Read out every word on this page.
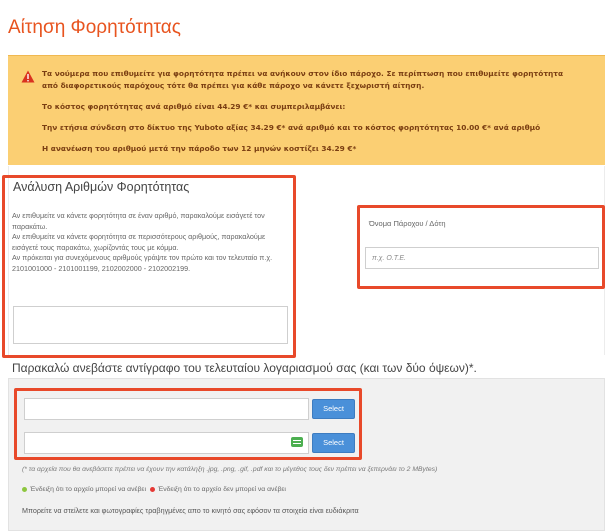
Αίτηση Φορητότητας
Τα νούμερα που επιθυμείτε για φορητότητα πρέπει να ανήκουν στον ίδιο πάροχο. Σε περίπτωση που επιθυμείτε φορητότητα
από διαφορετικούς παρόχους τότε θα πρέπει για κάθε πάροχο να κάνετε ξεχωριστή αίτηση.
Το κόστος φορητότητας ανά αριθμό είναι 44.29 €* και συμπεριλαμβάνει:
Την ετήσια σύνδεση στο δίκτυο της Yuboto αξίας 34.29 €* ανά αριθμό και το κόστος φορητότητας 10.00 €* ανά αριθμό
Η ανανέωση του αριθμού μετά την πάροδο των 12 μηνών κοστίζει 34.29 €*
Ανάλυση Αριθμών Φορητότητας
Αν επιθυμείτε να κάνετε φορητότητα σε έναν αριθμό, παρακαλούμε εισάγετέ τον παρακάτω.
Αν επιθυμείτε να κάνετε φορητότητα σε περισσότερους αριθμούς, παρακαλούμε εισάγετέ τους παρακάτω, χωρίζοντάς τους με κόμμα.
Αν πρόκειται για συνεχόμενους αριθμούς γράψτε τον πρώτο και τον τελευταίο π.χ. 2101001000 - 2101001199, 2102002000 - 2102002199.
Όνομα Πάροχου / Δότη
π.χ. Ο.Τ.Ε.
Παρακαλώ ανεβάστε αντίγραφο του τελευταίου λογαριασμού σας (και των δύο όψεων)*.
Select
Select
(* τα αρχεία που θα ανεβάσετε πρέπει να έχουν την κατάληξη .jpg, .png, .gif, .pdf και το μέγεθος τους δεν πρέπει να ξεπερνάει το 2 MBytes)
Ένδειξη ότι το αρχείο μπορεί να ανέβει Ένδειξη ότι το αρχείο δεν μπορεί να ανέβει
Μπορείτε να στείλετε και φωτογραφίες τραβηγμένες απο το κινητό σας εφόσον τα στοιχεία είναι ευδιάκριτα
